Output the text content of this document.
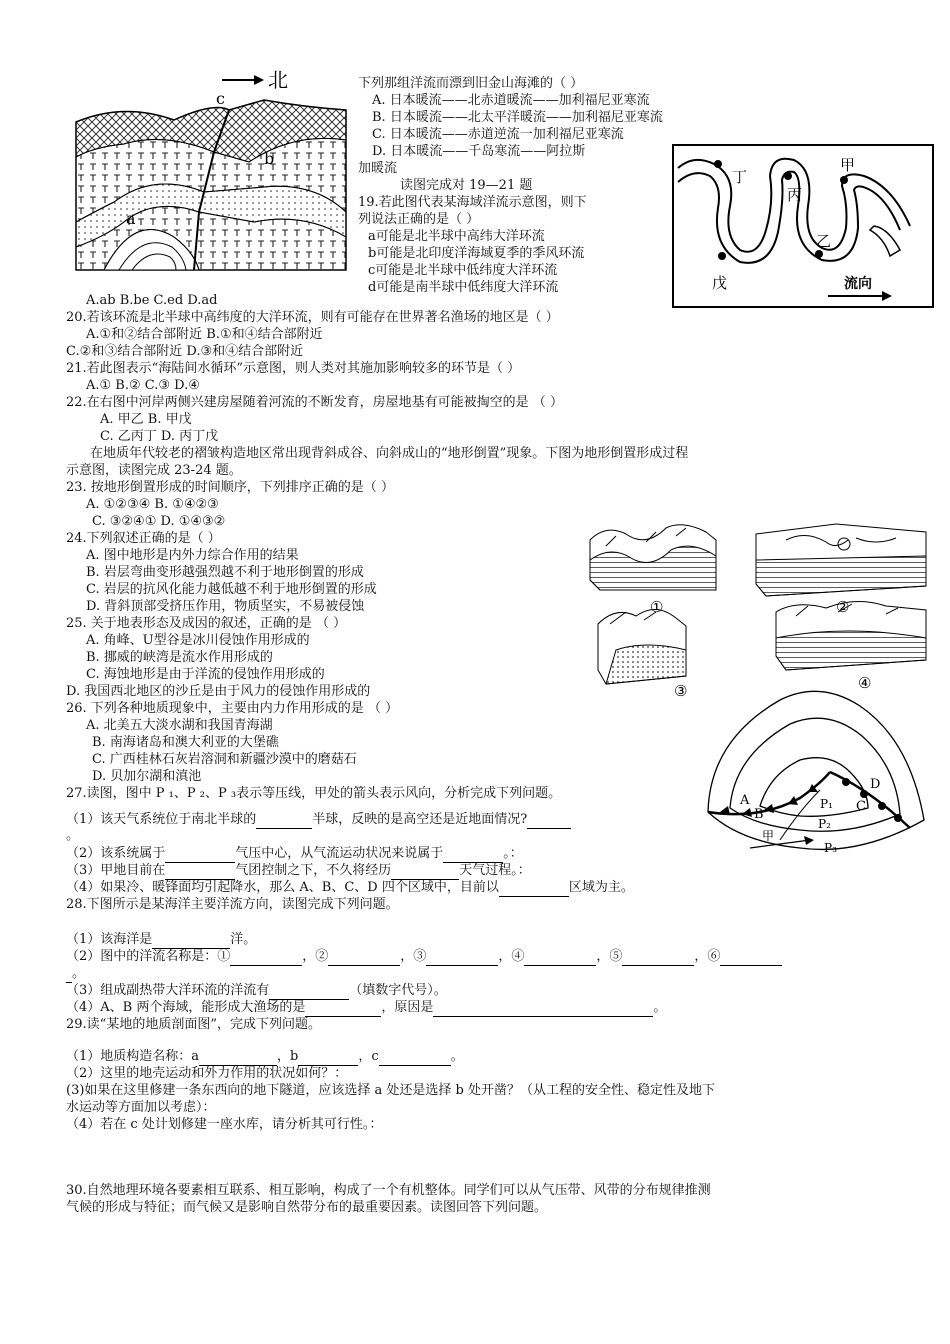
北
a
b
c
下列那组洋流而漂到旧金山海滩的（ ）
A. 日本暖流——北赤道暖流——加利福尼亚寒流
B. 日本暖流——北太平洋暖流——加利福尼亚寒流
C. 日本暖流——赤道逆流一加利福尼亚寒流
D. 日本暖流——千岛寒流——阿拉斯
加暖流
读图完成对 19—21 题
19.若此图代表某海域洋流示意图，则下
列说法正确的是（ ）
a可能是北半球中高纬大洋环流
b可能是北印度洋海域夏季的季风环流
c可能是北半球中低纬度大洋环流
d可能是南半球中低纬度大洋环流
A.ab B.be C.ed D.ad
甲
乙
丙
丁
戊	流向
20.若该环流是北半球中高纬度的大洋环流，则有可能存在世界著名渔场的地区是（ ）
A.①和②结合部附近 B.①和④结合部附近
C.②和③结合部附近 D.③和④结合部附近
21.若此图表示“海陆间水循环”示意图，则人类对其施加影响较多的环节是（ ）
A.① B.② C.③ D.④
22.在右图中河岸两侧兴建房屋随着河流的不断发育，房屋地基有可能被掏空的是 （ ）
A. 甲乙 B. 甲戊
C. 乙丙丁 D. 丙丁戊
在地质年代较老的褶皱构造地区常出现背斜成谷、向斜成山的“地形倒置”现象。下图为地形倒置形成过程
示意图，读图完成 23-24 题。
23. 按地形倒置形成的时间顺序，下列排序正确的是（ ）
A. ①②③④ B. ①④②③
C. ③②④① D. ①④③②
24.下列叙述正确的是（ ）
A. 图中地形是内外力综合作用的结果
B. 岩层弯曲变形越强烈越不利于地形倒置的形成
C. 岩层的抗风化能力越低越不利于地形倒置的形成
D. 背斜顶部受挤压作用，物质坚实，不易被侵蚀
25. 关于地表形态及成因的叙述，正确的是 （ ）
A. 角峰、U型谷是冰川侵蚀作用形成的
B. 挪威的峡湾是流水作用形成的
C. 海蚀地形是由于洋流的侵蚀作用形成的
D. 我国西北地区的沙丘是由于风力的侵蚀作用形成的
26. 下列各种地质现象中，主要由内力作用形成的是 （ ）
A. 北美五大淡水湖和我国青海湖
B. 南海诸岛和澳大利亚的大堡礁
C. 广西桂林石灰岩溶洞和新疆沙漠中的磨菇石
D. 贝加尔湖和滇池
①	②
③	④
A
B
C
D
P₁
P₂
P₃
甲
27.读图，图中 P ₁、P ₂、P ₃表示等压线，甲处的箭头表示风向，分析完成下列问题。
（1）该天气系统位于南北半球的	半球，反映的是高空还是近地面情况?
。
（2）该系统属于	气压中心，从气流运动状况来说属于	。：
（3）甲地目前在	气团控制之下，不久将经历	天气过程。：
（4）如果冷、暖锋面均引起降水，那么 A、B、C、D 四个区域中，目前以	区域为主。
28.下图所示是某海洋主要洋流方向，读图完成下列问题。
（1）该海洋是	洋。
（2）图中的洋流名称是：①	，②	，③	，④	，⑤	，⑥
。
（3）组成副热带大洋环流的洋流有	（填数字代号）。
（4）A、B 两个海域，能形成大渔场的是	，原因是	。
29.读“某地的地质剖面图”，完成下列问题。
（1）地质构造名称：a	，b	，c	。
（2）这里的地壳运动和外力作用的状况如何？：
(3)如果在这里修建一条东西向的地下隧道，应该选择 a 处还是选择 b 处开凿？（从工程的安全性、稳定性及地下
水运动等方面加以考虑）：
（4）若在 c 处计划修建一座水库，请分析其可行性。：
30.自然地理环境各要素相互联系、相互影响，构成了一个有机整体。同学们可以从气压带、风带的分布规律推测
气候的形成与特征；而气候又是影响自然带分布的最重要因素。读图回答下列问题。
